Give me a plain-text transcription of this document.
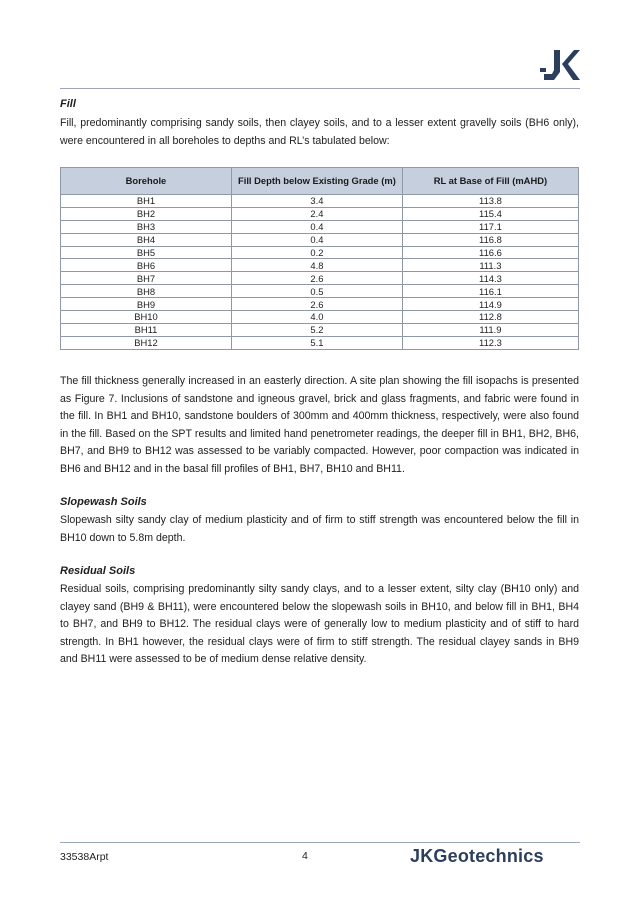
Fill

Fill, predominantly comprising sandy soils, then clayey soils, and to a lesser extent gravelly soils (BH6 only), were encountered in all boreholes to depths and RL’s tabulated below:

Borehole	Fill Depth below Existing Grade (m)	RL at Base of Fill (mAHD)
BH1	3.4	113.8
BH2	2.4	115.4
BH3	0.4	117.1
BH4	0.4	116.8
BH5	0.2	116.6
BH6	4.8	111.3
BH7	2.6	114.3
BH8	0.5	116.1
BH9	2.6	114.9
BH10	4.0	112.8
BH11	5.2	111.9
BH12	5.1	112.3

The fill thickness generally increased in an easterly direction. A site plan showing the fill isopachs is presented as Figure 7. Inclusions of sandstone and igneous gravel, brick and glass fragments, and fabric were found in the fill. In BH1 and BH10, sandstone boulders of 300mm and 400mm thickness, respectively, were also found in the fill. Based on the SPT results and limited hand penetrometer readings, the deeper fill in BH1, BH2, BH6, BH7, and BH9 to BH12 was assessed to be variably compacted. However, poor compaction was indicated in BH6 and BH12 and in the basal fill profiles of BH1, BH7, BH10 and BH11.

Slopewash Soils

Slopewash silty sandy clay of medium plasticity and of firm to stiff strength was encountered below the fill in BH10 down to 5.8m depth.

Residual Soils

Residual soils, comprising predominantly silty sandy clays, and to a lesser extent, silty clay (BH10 only) and clayey sand (BH9 & BH11), were encountered below the slopewash soils in BH10, and below fill in BH1, BH4 to BH7, and BH9 to BH12. The residual clays were of generally low to medium plasticity and of stiff to hard strength. In BH1 however, the residual clays were of firm to stiff strength. The residual clayey sands in BH9 and BH11 were assessed to be of medium dense relative density.

33538Arpt	4	JKGeotechnics
